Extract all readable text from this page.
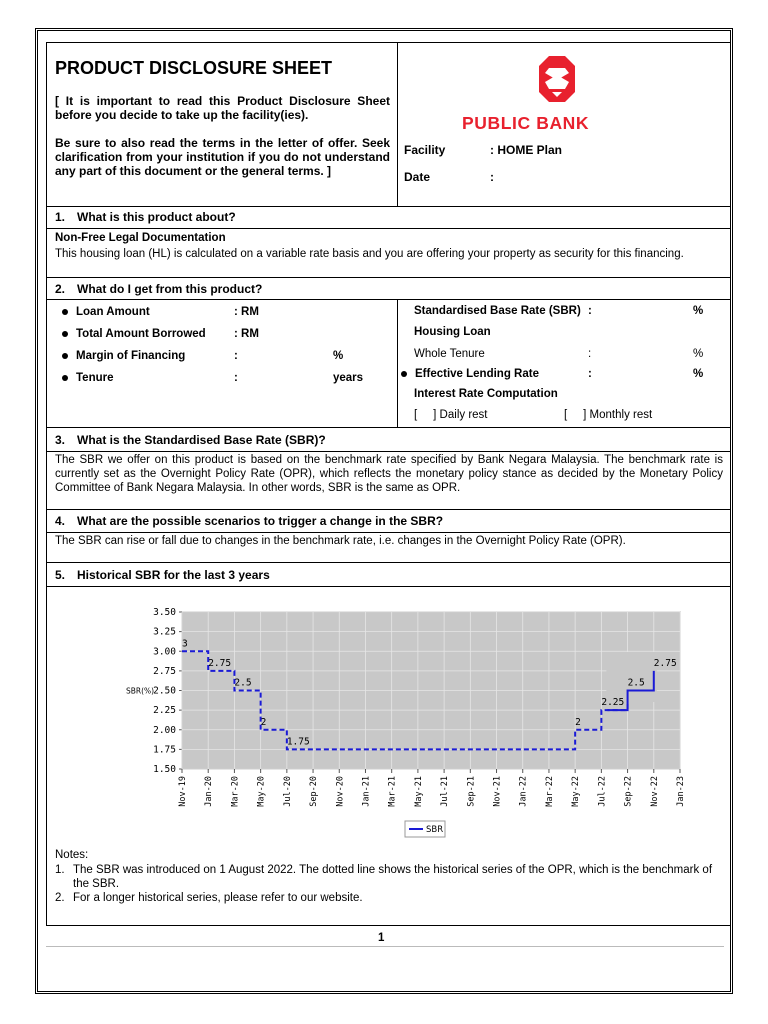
PRODUCT DISCLOSURE SHEET
[ It is important to read this Product Disclosure Sheet before you decide to take up the facility(ies).
Be sure to also read the terms in the letter of offer. Seek clarification from your institution if you do not understand any part of this document or the general terms. ]
PUBLIC BANK
Facility	: HOME Plan
Date	:
1. What is this product about?
Non-Free Legal Documentation
This housing loan (HL) is calculated on a variable rate basis and you are offering your property as security for this financing.
2. What do I get from this product?
Loan Amount	: RM
Total Amount Borrowed : RM
Margin of Financing	:	%
Tenure	:	years
Standardised Base Rate (SBR) :	%
Housing Loan
Whole Tenure	:	%
Effective Lending Rate	:	%
Interest Rate Computation
[     ] Daily rest	[     ] Monthly rest
3. What is the Standardised Base Rate (SBR)?
The SBR we offer on this product is based on the benchmark rate specified by Bank Negara Malaysia. The benchmark rate is currently set as the Overnight Policy Rate (OPR), which reflects the monetary policy stance as decided by the Monetary Policy Committee of Bank Negara Malaysia. In other words, SBR is the same as OPR.
4. What are the possible scenarios to trigger a change in the SBR?
The SBR can rise or fall due to changes in the benchmark rate, i.e. changes in the Overnight Policy Rate (OPR).
5. Historical SBR for the last 3 years
3.50
3.25
3.00
2.75
2.50
2.25
2.00
1.75
1.50
Nov-19 Jan-20 Mar-20 May-20 Jul-20 Sep-20 Nov-20 Jan-21 Mar-21 May-21 Jul-21 Sep-21 Nov-21 Jan-22 Mar-22 May-22 Jul-22 Sep-22 Nov-22 Jan-23
SBR(%)
3
2.75
2.5
2
1.75
2
2.25
2.5
2.75
SBR
Notes:
1. The SBR was introduced on 1 August 2022. The dotted line shows the historical series of the OPR, which is the benchmark of the SBR.
2. For a longer historical series, please refer to our website.
1
